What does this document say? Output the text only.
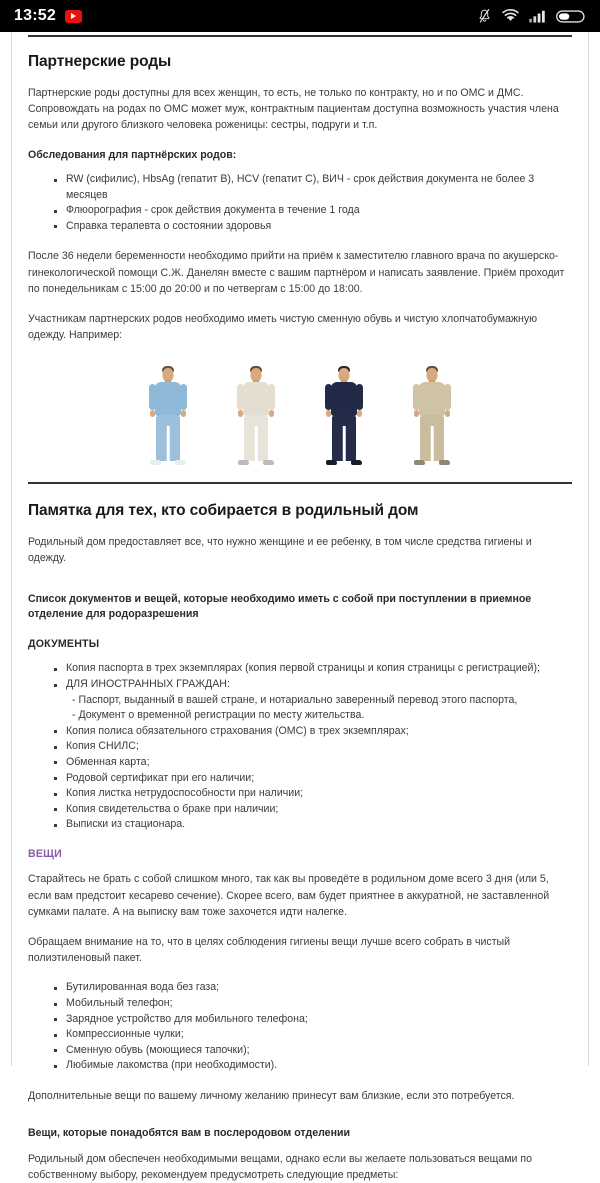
13:52
Партнерские роды

Партнерские роды доступны для всех женщин, то есть, не только по контракту, но и по ОМС и ДМС. Сопровождать на родах по ОМС может муж, контрактным пациентам доступна возможность участия члена семьи или другого близкого человека роженицы: сестры, подруги и т.п.

Обследования для партнёрских родов:
RW (сифилис), HbsAg (гепатит B), HCV (гепатит C), ВИЧ - срок действия документа не более 3 месяцев
Флюорография - срок действия документа в течение 1 года
Справка терапевта о состоянии здоровья

После 36 недели беременности необходимо прийти на приём к заместителю главного врача по акушерско-гинекологической помощи С.Ж. Данелян вместе с вашим партнёром и написать заявление. Приём проходит по понедельникам с 15:00 до 20:00 и по четвергам с 15:00 до 18:00.

Участникам партнерских родов необходимо иметь чистую сменную обувь и чистую хлопчатобумажную одежду. Например:

Памятка для тех, кто собирается в родильный дом

Родильный дом предоставляет все, что нужно женщине и ее ребенку, в том числе средства гигиены и одежду.

Список документов и вещей, которые необходимо иметь с собой при поступлении в приемное отделение для родоразрешения
ДОКУМЕНТЫ
Копия паспорта в трех экземплярах (копия первой страницы и копия страницы с регистрацией);
ДЛЯ ИНОСТРАННЫХ ГРАЖДАН:
- Паспорт, выданный в вашей стране, и нотариально заверенный перевод этого паспорта,
- Документ о временной регистрации по месту жительства.
Копия полиса обязательного страхования (ОМС) в трех экземплярах;
Копия СНИЛС;
Обменная карта;
Родовой сертификат при его наличии;
Копия листка нетрудоспособности при наличии;
Копия свидетельства о браке при наличии;
Выписки из стационара.
ВЕЩИ

Старайтесь не брать с собой слишком много, так как вы проведёте в родильном доме всего 3 дня (или 5, если вам предстоит кесарево сечение). Скорее всего, вам будет приятнее в аккуратной, не заставленной сумками палате. А на выписку вам тоже захочется идти налегке.

Обращаем внимание на то, что в целях соблюдения гигиены вещи лучше всего собрать в чистый полиэтиленовый пакет.

Бутилированная вода без газа;
Мобильный телефон;
Зарядное устройство для мобильного телефона;
Компрессионные чулки;
Сменную обувь (моющиеся тапочки);
Любимые лакомства (при необходимости).

Дополнительные вещи по вашему личному желанию принесут вам близкие, если это потребуется.

Вещи, которые понадобятся вам в послеродовом отделении

Родильный дом обеспечен необходимыми вещами, однако если вы желаете пользоваться вещами по собственному выбору, рекомендуем предусмотреть следующие предметы:
